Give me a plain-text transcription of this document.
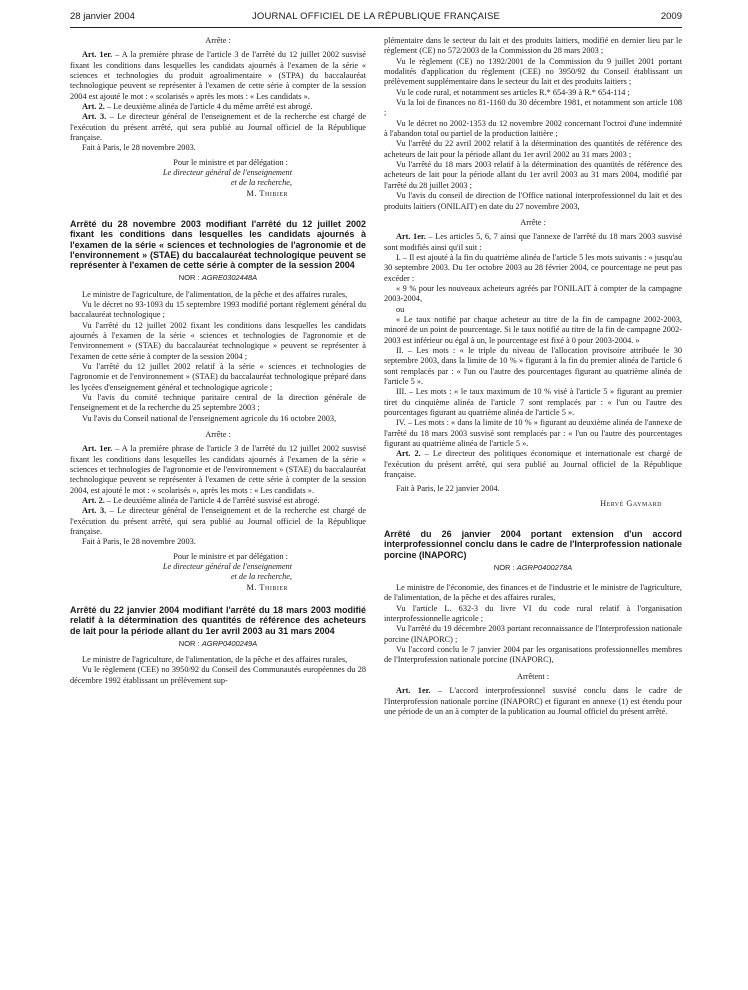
28 janvier 2004	JOURNAL OFFICIEL DE LA RÉPUBLIQUE FRANÇAISE	2009

Arrête :

Art. 1er. – A la première phrase de l'article 3 de l'arrêté du 12 juillet 2002 susvisé fixant les conditions dans lesquelles les candidats ajournés à l'examen de la série « sciences et technologies du produit agroalimentaire » (STPA) du baccalauréat technologique peuvent se représenter à l'examen de cette série à compter de la session 2004 est ajouté le mot : « scolarisés » après les mots : « Les candidats ».

Art. 2. – Le deuxième alinéa de l'article 4 du même arrêté est abrogé.

Art. 3. – Le directeur général de l'enseignement et de la recherche est chargé de l'exécution du présent arrêté, qui sera publié au Journal officiel de la République française.

Fait à Paris, le 28 novembre 2003.

Pour le ministre et par délégation :

Le directeur général de l'enseignement

et de la recherche,

M. Thibier

Arrêté du 28 novembre 2003 modifiant l'arrêté du 12 juillet 2002 fixant les conditions dans lesquelles les candidats ajournés à l'examen de la série « sciences et technologies de l'agronomie et de l'environnement » (STAE) du baccalauréat technologique peuvent se représenter à l'examen de cette série à compter de la session 2004

NOR : AGRE0302448A

Le ministre de l'agriculture, de l'alimentation, de la pêche et des affaires rurales,

Vu le décret no 93-1093 du 15 septembre 1993 modifié portant règlement général du baccalauréat technologique ;

Vu l'arrêté du 12 juillet 2002 fixant les conditions dans lesquelles les candidats ajournés à l'examen de la série « sciences et technologies de l'agronomie et de l'environnement » (STAE) du baccalauréat technologique » peuvent se représenter à l'examen de cette série à compter de la session 2004 ;

Vu l'arrêté du 12 juillet 2002 relatif à la série « sciences et technologies de l'agronomie et de l'environnement » (STAE) du baccalauréat technologique préparé dans les lycées d'enseignement général et technologique agricole ;

Vu l'avis du comité technique paritaire central de la direction générale de l'enseignement et de la recherche du 25 septembre 2003 ;

Vu l'avis du Conseil national de l'enseignement agricole du 16 octobre 2003,

Arrête :

Art. 1er. – A la première phrase de l'article 3 de l'arrêté du 12 juillet 2002 susvisé fixant les conditions dans lesquelles les candidats ajournés à l'examen de la série « sciences et technologies de l'agronomie et de l'environnement » (STAE) du baccalauréat technologique peuvent se représenter à l'examen de cette série à compter de la session 2004, est ajouté le mot : « scolarisés », après les mots : « Les candidats ».

Art. 2. – Le deuxième alinéa de l'article 4 de l'arrêté susvisé est abrogé.

Art. 3. – Le directeur général de l'enseignement et de la recherche est chargé de l'exécution du présent arrêté, qui sera publié au Journal officiel de la République française.

Fait à Paris, le 28 novembre 2003.

Pour le ministre et par délégation :

Le directeur général de l'enseignement

et de la recherche,

M. Thibier

Arrêté du 22 janvier 2004 modifiant l'arrêté du 18 mars 2003 modifié relatif à la détermination des quantités de référence des acheteurs de lait pour la période allant du 1er avril 2003 au 31 mars 2004

NOR : AGRP0400249A

Le ministre de l'agriculture, de l'alimentation, de la pêche et des affaires rurales,

Vu le règlement (CEE) no 3950/92 du Conseil des Communautés européennes du 28 décembre 1992 établissant un prélèvement sup-

plémentaire dans le secteur du lait et des produits laitiers, modifié en dernier lieu par le règlement (CE) no 572/2003 de la Commission du 28 mars 2003 ;

Vu le règlement (CE) no 1392/2001 de la Commission du 9 juillet 2001 portant modalités d'application du règlement (CEE) no 3950/92 du Conseil établissant un prélèvement supplémentaire dans le secteur du lait et des produits laitiers ;

Vu le code rural, et notamment ses articles R.* 654-39 à R.* 654-114 ;

Vu la loi de finances no 81-1160 du 30 décembre 1981, et notamment son article 108 ;

Vu le décret no 2002-1353 du 12 novembre 2002 concernant l'octroi d'une indemnité à l'abandon total ou partiel de la production laitière ;

Vu l'arrêté du 22 avril 2002 relatif à la détermination des quantités de référence des acheteurs de lait pour la période allant du 1er avril 2002 au 31 mars 2003 ;

Vu l'arrêté du 18 mars 2003 relatif à la détermination des quantités de référence des acheteurs de lait pour la période allant du 1er avril 2003 au 31 mars 2004, modifié par l'arrêté du 28 juillet 2003 ;

Vu l'avis du conseil de direction de l'Office national interprofessionnel du lait et des produits laitiers (ONILAIT) en date du 27 novembre 2003,

Arrête :

Art. 1er. – Les articles 5, 6, 7 ainsi que l'annexe de l'arrêté du 18 mars 2003 susvisé sont modifiés ainsi qu'il suit :

I. – Il est ajouté à la fin du quatrième alinéa de l'article 5 les mots suivants : « jusqu'au 30 septembre 2003. Du 1er octobre 2003 au 28 février 2004, ce pourcentage ne peut pas excéder :

« 9 % pour les nouveaux acheteurs agréés par l'ONILAIT à compter de la campagne 2003-2004,

ou

« Le taux notifié par chaque acheteur au titre de la fin de campagne 2002-2003, minoré de un point de pourcentage. Si le taux notifié au titre de la fin de campagne 2002-2003 est inférieur ou égal à un, le pourcentage est fixé à 0 pour 2003-2004. »

II. – Les mots : « le triple du niveau de l'allocation provisoire attribuée le 30 septembre 2003, dans la limite de 10 % » figurant à la fin du premier alinéa de l'article 6 sont remplacés par : « l'un ou l'autre des pourcentages figurant au quatrième alinéa de l'article 5 ».

III. – Les mots : « le taux maximum de 10 % visé à l'article 5 » figurant au premier tiret du cinquième alinéa de l'article 7 sont remplacés par : « l'un ou l'autre des pourcentages figurant au quatrième alinéa de l'article 5 ».

IV. – Les mots : « dans la limite de 10 % » figurant au deuxième alinéa de l'annexe de l'arrêté du 18 mars 2003 susvisé sont remplacés par : « l'un ou l'autre des pourcentages figurant au quatrième alinéa de l'article 5 ».

Art. 2. – Le directeur des politiques économique et internationale est chargé de l'exécution du présent arrêté, qui sera publié au Journal officiel de la République française.

Fait à Paris, le 22 janvier 2004.

Hervé Gaymard

Arrêté du 26 janvier 2004 portant extension d'un accord interprofessionnel conclu dans le cadre de l'Interprofession nationale porcine (INAPORC)

NOR : AGRP0400278A

Le ministre de l'économie, des finances et de l'industrie et le ministre de l'agriculture, de l'alimentation, de la pêche et des affaires rurales,

Vu l'article L. 632-3 du livre VI du code rural relatif à l'organisation interprofessionnelle agricole ;

Vu l'arrêté du 19 décembre 2003 portant reconnaissance de l'Interprofession nationale porcine (INAPORC) ;

Vu l'accord conclu le 7 janvier 2004 par les organisations professionnelles membres de l'Interprofession nationale porcine (INAPORC),

Arrêtent :

Art. 1er. – L'accord interprofessionnel susvisé conclu dans le cadre de l'Interprofession nationale porcine (INAPORC) et figurant en annexe (1) est étendu pour une période de un an à compter de la publication au Journal officiel du présent arrêté.
